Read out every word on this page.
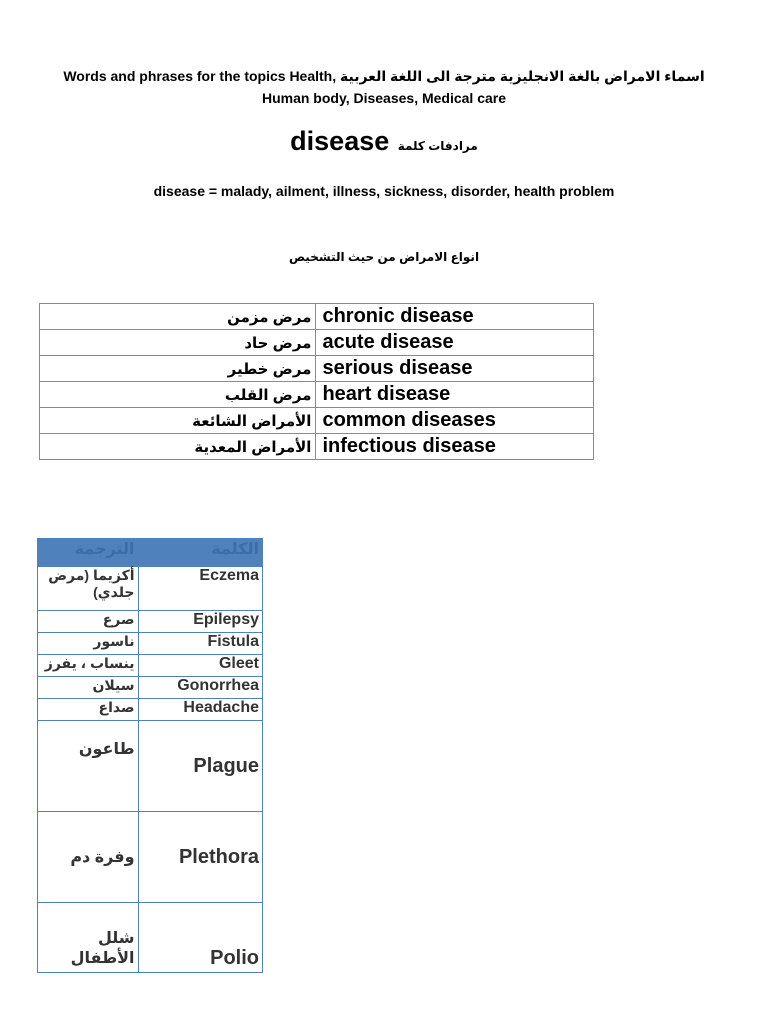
Words and phrases for the topics Health, اسماء الامراض بالغة الانجليزية مترجة الى اللغة العربية
Human body, Diseases, Medical care
disease مرادفات كلمة
disease = malady, ailment, illness, sickness, disorder, health problem
انواع الامراض من حيث التشخيص
مرض مزمن	chronic disease
مرض حاد	acute disease
مرض خطير	serious disease
مرض القلب	heart disease
الأمراض الشائعة	common diseases
الأمراض المعدية	infectious disease
الترجمة	الكلمة
أكزيما (مرض جلدي)	Eczema
صرع	Epilepsy
ناسور	Fistula
ينساب ، يفرز	Gleet
سيلان	Gonorrhea
صداع	Headache
طاعون	Plague
وفرة دم	Plethora
شلل الأطفال	Polio
